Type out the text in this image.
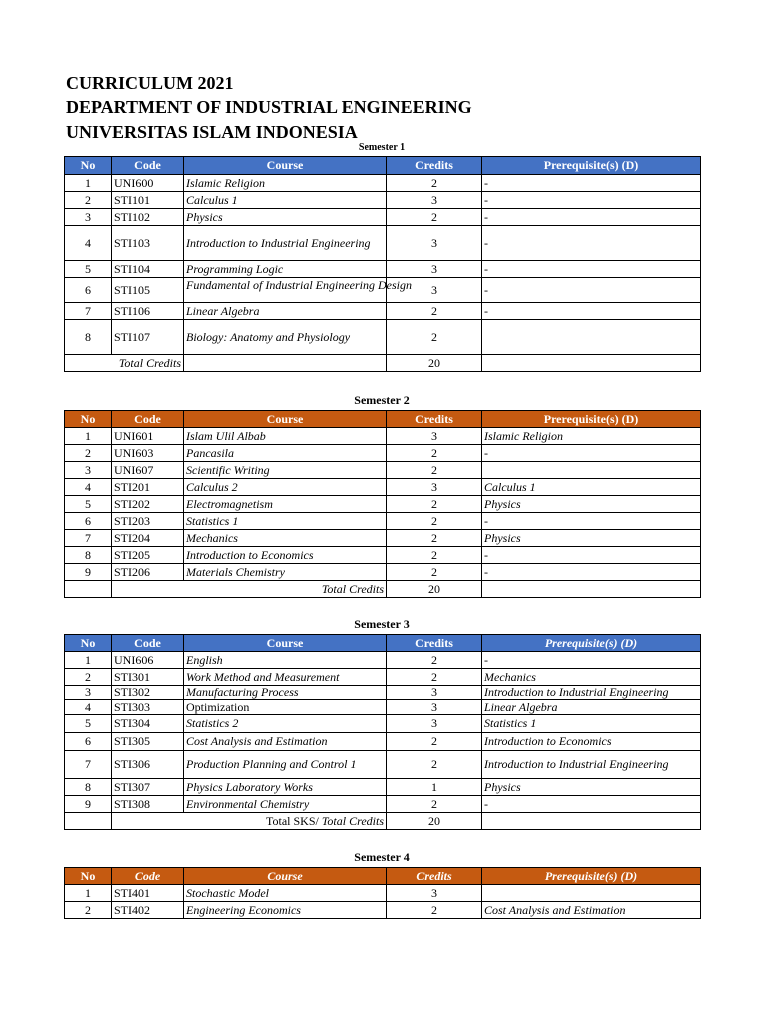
CURRICULUM 2021
DEPARTMENT OF INDUSTRIAL ENGINEERING
UNIVERSITAS ISLAM INDONESIA
Semester 1
No	Code	Course	Credits	Prerequisite(s) (D)
1	UNI600	Islamic Religion	2	-
2	STI101	Calculus 1	3	-
3	STI102	Physics	2	-
4	STI103	Introduction to Industrial Engineering	3	-
5	STI104	Programming Logic	3	-
6	STI105	Fundamental of Industrial Engineering Design	3	-
7	STI106	Linear Algebra	2	-
8	STI107	Biology: Anatomy and Physiology	2	
Total Credits			20	
Semester 2
No	Code	Course	Credits	Prerequisite(s) (D)
1	UNI601	Islam Ulil Albab	3	Islamic Religion
2	UNI603	Pancasila	2	-
3	UNI607	Scientific Writing	2	
4	STI201	Calculus 2	3	Calculus 1
5	STI202	Electromagnetism	2	Physics
6	STI203	Statistics 1	2	-
7	STI204	Mechanics	2	Physics
8	STI205	Introduction to Economics	2	-
9	STI206	Materials Chemistry	2	-
	Total Credits		20	
Semester 3
No	Code	Course	Credits	Prerequisite(s) (D)
1	UNI606	English	2	-
2	STI301	Work Method and Measurement	2	Mechanics
3	STI302	Manufacturing Process	3	Introduction to Industrial Engineering
4	STI303	Optimization	3	Linear Algebra
5	STI304	Statistics 2	3	Statistics 1
6	STI305	Cost Analysis and Estimation	2	Introduction to Economics
7	STI306	Production Planning and Control 1	2	Introduction to Industrial Engineering
8	STI307	Physics Laboratory Works	1	Physics
9	STI308	Environmental Chemistry	2	-
	Total SKS/ Total Credits		20	
Semester 4
No	Code	Course	Credits	Prerequisite(s) (D)
1	STI401	Stochastic Model	3	
2	STI402	Engineering Economics	2	Cost Analysis and Estimation
